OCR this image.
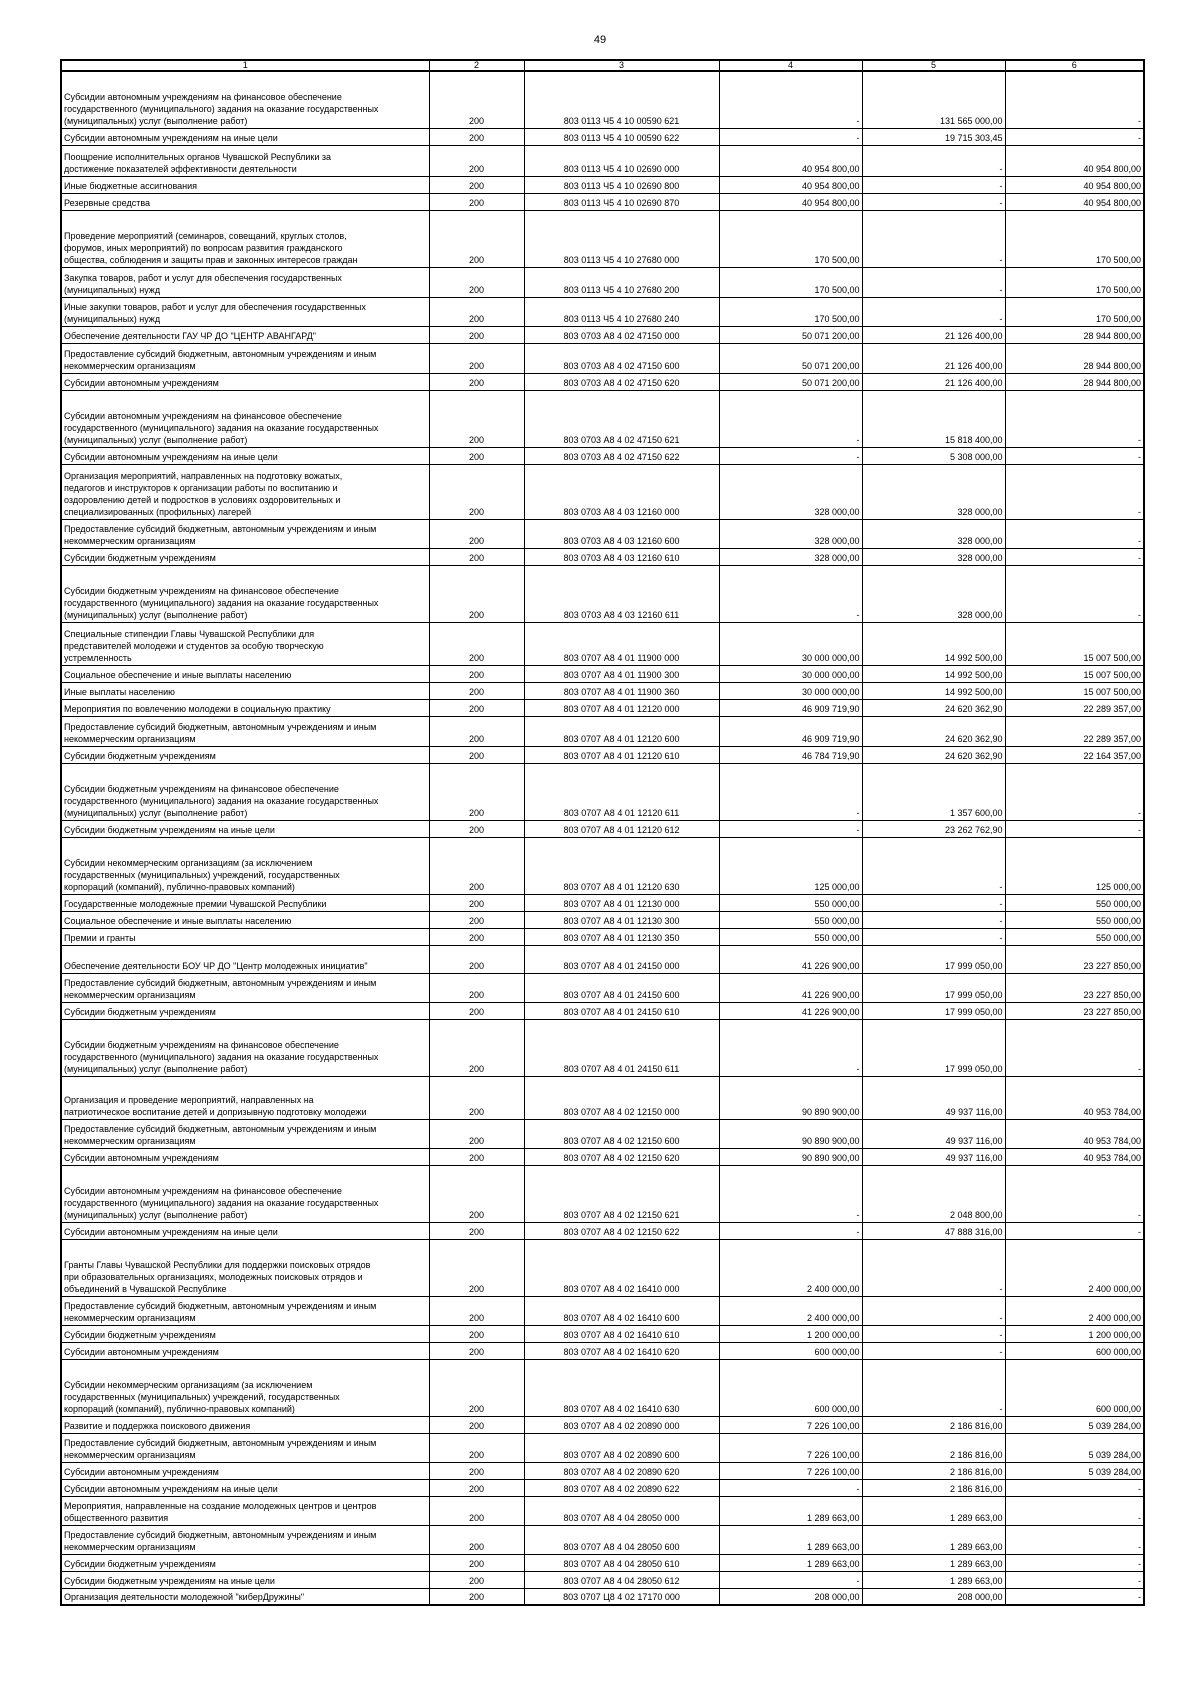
49
1	2	3	4	5	6
Субсидии автономным учреждениям на финансовое обеспечение
государственного (муниципального) задания на оказание государственных
(муниципальных) услуг (выполнение работ)	200	803 0113 Ч5 4 10 00590 621	-	131 565 000,00	-
Субсидии автономным учреждениям на иные цели	200	803 0113 Ч5 4 10 00590 622	-	19 715 303,45	-
Поощрение исполнительных органов Чувашской Республики за
достижение показателей эффективности деятельности	200	803 0113 Ч5 4 10 02690 000	40 954 800,00	-	40 954 800,00
Иные бюджетные ассигнования	200	803 0113 Ч5 4 10 02690 800	40 954 800,00	-	40 954 800,00
Резервные средства	200	803 0113 Ч5 4 10 02690 870	40 954 800,00	-	40 954 800,00
Проведение мероприятий (семинаров, совещаний, круглых столов,
форумов, иных мероприятий) по вопросам развития гражданского
общества, соблюдения и защиты прав и законных интересов граждан	200	803 0113 Ч5 4 10 27680 000	170 500,00	-	170 500,00
Закупка товаров, работ и услуг для обеспечения государственных
(муниципальных) нужд	200	803 0113 Ч5 4 10 27680 200	170 500,00	-	170 500,00
Иные закупки товаров, работ и услуг для обеспечения государственных
(муниципальных) нужд	200	803 0113 Ч5 4 10 27680 240	170 500,00	-	170 500,00
Обеспечение деятельности ГАУ ЧР ДО "ЦЕНТР АВАНГАРД"	200	803 0703 А8 4 02 47150 000	50 071 200,00	21 126 400,00	28 944 800,00
Предоставление субсидий бюджетным, автономным учреждениям и иным
некоммерческим организациям	200	803 0703 А8 4 02 47150 600	50 071 200,00	21 126 400,00	28 944 800,00
Субсидии автономным учреждениям	200	803 0703 А8 4 02 47150 620	50 071 200,00	21 126 400,00	28 944 800,00
Субсидии автономным учреждениям на финансовое обеспечение
государственного (муниципального) задания на оказание государственных
(муниципальных) услуг (выполнение работ)	200	803 0703 А8 4 02 47150 621	-	15 818 400,00	-
Субсидии автономным учреждениям на иные цели	200	803 0703 А8 4 02 47150 622	-	5 308 000,00	-
Организация мероприятий, направленных на подготовку вожатых,
педагогов и инструкторов к организации работы по воспитанию и
оздоровлению детей и подростков в условиях оздоровительных и
специализированных (профильных) лагерей	200	803 0703 А8 4 03 12160 000	328 000,00	328 000,00	-
Предоставление субсидий бюджетным, автономным учреждениям и иным
некоммерческим организациям	200	803 0703 А8 4 03 12160 600	328 000,00	328 000,00	-
Субсидии бюджетным учреждениям	200	803 0703 А8 4 03 12160 610	328 000,00	328 000,00	-
Субсидии бюджетным учреждениям на финансовое обеспечение
государственного (муниципального) задания на оказание государственных
(муниципальных) услуг (выполнение работ)	200	803 0703 А8 4 03 12160 611	-	328 000,00	-
Специальные стипендии Главы Чувашской Республики для
представителей молодежи и студентов за особую творческую
устремленность	200	803 0707 А8 4 01 11900 000	30 000 000,00	14 992 500,00	15 007 500,00
Социальное обеспечение и иные выплаты населению	200	803 0707 А8 4 01 11900 300	30 000 000,00	14 992 500,00	15 007 500,00
Иные выплаты населению	200	803 0707 А8 4 01 11900 360	30 000 000,00	14 992 500,00	15 007 500,00
Мероприятия по вовлечению молодежи в социальную практику	200	803 0707 А8 4 01 12120 000	46 909 719,90	24 620 362,90	22 289 357,00
Предоставление субсидий бюджетным, автономным учреждениям и иным
некоммерческим организациям	200	803 0707 А8 4 01 12120 600	46 909 719,90	24 620 362,90	22 289 357,00
Субсидии бюджетным учреждениям	200	803 0707 А8 4 01 12120 610	46 784 719,90	24 620 362,90	22 164 357,00
Субсидии бюджетным учреждениям на финансовое обеспечение
государственного (муниципального) задания на оказание государственных
(муниципальных) услуг (выполнение работ)	200	803 0707 А8 4 01 12120 611	-	1 357 600,00	-
Субсидии бюджетным учреждениям на иные цели	200	803 0707 А8 4 01 12120 612	-	23 262 762,90	-
Субсидии некоммерческим организациям (за исключением
государственных (муниципальных) учреждений, государственных
корпораций (компаний), публично-правовых компаний)	200	803 0707 А8 4 01 12120 630	125 000,00	-	125 000,00
Государственные молодежные премии Чувашской Республики	200	803 0707 А8 4 01 12130 000	550 000,00	-	550 000,00
Социальное обеспечение и иные выплаты населению	200	803 0707 А8 4 01 12130 300	550 000,00	-	550 000,00
Премии и гранты	200	803 0707 А8 4 01 12130 350	550 000,00	-	550 000,00
Обеспечение деятельности БОУ ЧР ДО "Центр молодежных инициатив"	200	803 0707 А8 4 01 24150 000	41 226 900,00	17 999 050,00	23 227 850,00
Предоставление субсидий бюджетным, автономным учреждениям и иным
некоммерческим организациям	200	803 0707 А8 4 01 24150 600	41 226 900,00	17 999 050,00	23 227 850,00
Субсидии бюджетным учреждениям	200	803 0707 А8 4 01 24150 610	41 226 900,00	17 999 050,00	23 227 850,00
Субсидии бюджетным учреждениям на финансовое обеспечение
государственного (муниципального) задания на оказание государственных
(муниципальных) услуг (выполнение работ)	200	803 0707 А8 4 01 24150 611	-	17 999 050,00	-
Организация и проведение мероприятий, направленных на
патриотическое воспитание детей и допризывную подготовку молодежи	200	803 0707 А8 4 02 12150 000	90 890 900,00	49 937 116,00	40 953 784,00
Предоставление субсидий бюджетным, автономным учреждениям и иным
некоммерческим организациям	200	803 0707 А8 4 02 12150 600	90 890 900,00	49 937 116,00	40 953 784,00
Субсидии автономным учреждениям	200	803 0707 А8 4 02 12150 620	90 890 900,00	49 937 116,00	40 953 784,00
Субсидии автономным учреждениям на финансовое обеспечение
государственного (муниципального) задания на оказание государственных
(муниципальных) услуг (выполнение работ)	200	803 0707 А8 4 02 12150 621	-	2 048 800,00	-
Субсидии автономным учреждениям на иные цели	200	803 0707 А8 4 02 12150 622	-	47 888 316,00	-
Гранты Главы Чувашской Республики для поддержки поисковых отрядов
при образовательных организациях, молодежных поисковых отрядов и
объединений в Чувашской Республике	200	803 0707 А8 4 02 16410 000	2 400 000,00	-	2 400 000,00
Предоставление субсидий бюджетным, автономным учреждениям и иным
некоммерческим организациям	200	803 0707 А8 4 02 16410 600	2 400 000,00	-	2 400 000,00
Субсидии бюджетным учреждениям	200	803 0707 А8 4 02 16410 610	1 200 000,00	-	1 200 000,00
Субсидии автономным учреждениям	200	803 0707 А8 4 02 16410 620	600 000,00	-	600 000,00
Субсидии некоммерческим организациям (за исключением
государственных (муниципальных) учреждений, государственных
корпораций (компаний), публично-правовых компаний)	200	803 0707 А8 4 02 16410 630	600 000,00	-	600 000,00
Развитие и поддержка поискового движения	200	803 0707 А8 4 02 20890 000	7 226 100,00	2 186 816,00	5 039 284,00
Предоставление субсидий бюджетным, автономным учреждениям и иным
некоммерческим организациям	200	803 0707 А8 4 02 20890 600	7 226 100,00	2 186 816,00	5 039 284,00
Субсидии автономным учреждениям	200	803 0707 А8 4 02 20890 620	7 226 100,00	2 186 816,00	5 039 284,00
Субсидии автономным учреждениям на иные цели	200	803 0707 А8 4 02 20890 622	-	2 186 816,00	-
Мероприятия, направленные на создание молодежных центров и центров
общественного развития	200	803 0707 А8 4 04 28050 000	1 289 663,00	1 289 663,00	-
Предоставление субсидий бюджетным, автономным учреждениям и иным
некоммерческим организациям	200	803 0707 А8 4 04 28050 600	1 289 663,00	1 289 663,00	-
Субсидии бюджетным учреждениям	200	803 0707 А8 4 04 28050 610	1 289 663,00	1 289 663,00	-
Субсидии бюджетным учреждениям на иные цели	200	803 0707 А8 4 04 28050 612	-	1 289 663,00	-
Организация деятельности молодежной "киберДружины"	200	803 0707 Ц8 4 02 17170 000	208 000,00	208 000,00	-
